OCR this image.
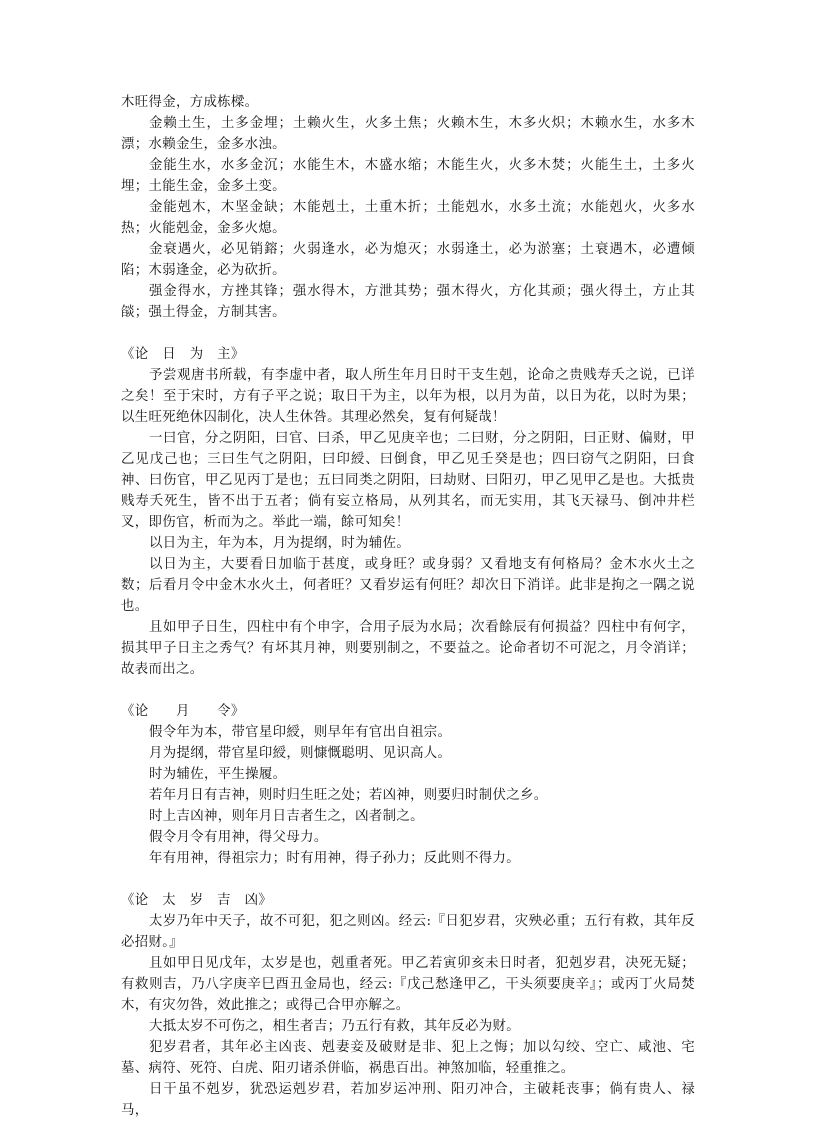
木旺得金，方成栋樑。

金赖土生，土多金埋；土赖火生，火多土焦；火赖木生，木多火炽；木赖水生，水多木漂；水赖金生，金多水浊。

金能生水，水多金沉；水能生木，木盛水缩；木能生火，火多木焚；火能生土，土多火埋；土能生金，金多土变。

金能剋木，木坚金缺；木能剋土，土重木折；土能剋水，水多土流；水能剋火，火多水热；火能剋金，金多火熄。

金衰遇火，必见销鎔；火弱逢水，必为熄灭；水弱逢土，必为淤塞；土衰遇木，必遭倾陷；木弱逢金，必为砍折。

强金得水，方挫其锋；强水得木，方泄其势；强木得火，方化其顽；强火得土，方止其燄；强土得金，方制其害。

《论　日　为　主》

予尝观唐书所载，有李虚中者，取人所生年月日时干支生剋，论命之贵贱寿夭之说，已详之矣！至于宋时，方有子平之说；取日干为主，以年为根，以月为苗，以日为花，以时为果；以生旺死绝休囚制化，决人生休咎。其理必然矣，复有何疑哉！

一曰官，分之阴阳，曰官、曰杀，甲乙见庚辛也；二曰财，分之阴阳，曰正财、偏财，甲乙见戊己也；三曰生气之阴阳，曰印綬、曰倒食，甲乙见壬癸是也；四曰窃气之阴阳，曰食神、曰伤官，甲乙见丙丁是也；五曰同类之阴阳，曰劫财、曰阳刃，甲乙见甲乙是也。大抵贵贱寿夭死生，皆不出于五者；倘有妄立格局，从列其名，而无实用，其飞天禄马、倒冲井栏叉，即伤官，析而为之。举此一端，餘可知矣！

以日为主，年为本，月为提纲，时为辅佐。

以日为主，大要看日加临于甚度，或身旺？或身弱？又看地支有何格局？金木水火土之数；后看月令中金木水火土，何者旺？又看岁运有何旺？却次日下消详。此非是拘之一隅之说也。

且如甲子日生，四柱中有个申字，合用子辰为水局；次看餘辰有何损益？四柱中有何字，损其甲子日主之秀气？有坏其月神，则要别制之，不要益之。论命者切不可泥之，月令消详；故表而出之。

《论　　月　　令》

假令年为本，带官星印綬，则早年有官出自祖宗。

月为提纲，带官星印綬，则慷慨聪明、见识高人。

时为辅佐，平生操履。

若年月日有吉神，则时归生旺之处；若凶神，则要归时制伏之乡。

时上吉凶神，则年月日吉者生之，凶者制之。

假令月令有用神，得父母力。

年有用神，得祖宗力；时有用神，得子孙力；反此则不得力。

《论　太　岁　吉　凶》

太岁乃年中天子，故不可犯，犯之则凶。经云:『日犯岁君，灾殃必重；五行有救，其年反必招财。』

且如甲日见戊年，太岁是也，剋重者死。甲乙若寅卯亥未日时者，犯剋岁君，决死无疑；有救则吉，乃八字庚辛巳酉丑金局也，经云:『戊己愁逢甲乙，干头须要庚辛』；或丙丁火局焚木，有灾勿咎，效此推之；或得己合甲亦解之。

大抵太岁不可伤之，相生者吉；乃五行有救，其年反必为财。

犯岁君者，其年必主凶丧、剋妻妾及破财是非、犯上之悔；加以勾绞、空亡、咸池、宅墓、病符、死符、白虎、阳刃诸杀併临，祸患百出。神煞加临，轻重推之。

日干虽不剋岁，犹恐运剋岁君，若加岁运冲刑、阳刃冲合，主破耗丧事；倘有贵人、禄马，
